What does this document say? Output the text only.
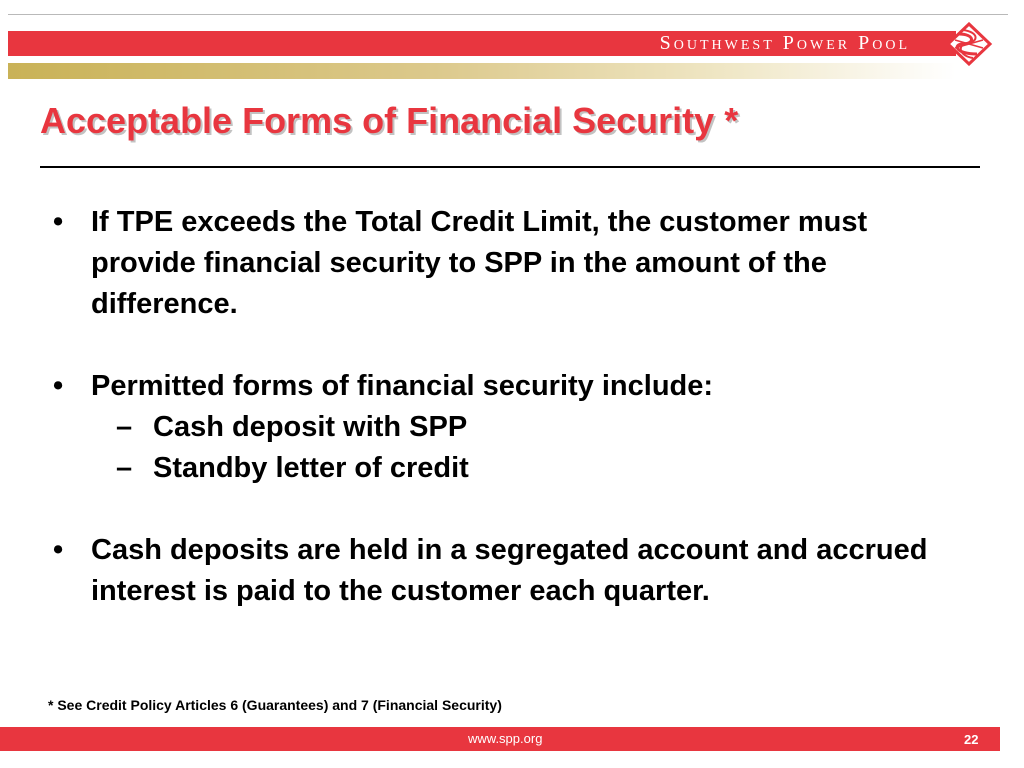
Southwest Power Pool
Acceptable Forms of Financial Security *
• If TPE exceeds the Total Credit Limit, the customer must provide financial security to SPP in the amount of the difference.
• Permitted forms of financial security include:
– Cash deposit with SPP
– Standby letter of credit
• Cash deposits are held in a segregated account and accrued interest is paid to the customer each quarter.
* See Credit Policy Articles 6 (Guarantees) and 7 (Financial Security)
www.spp.org	22
